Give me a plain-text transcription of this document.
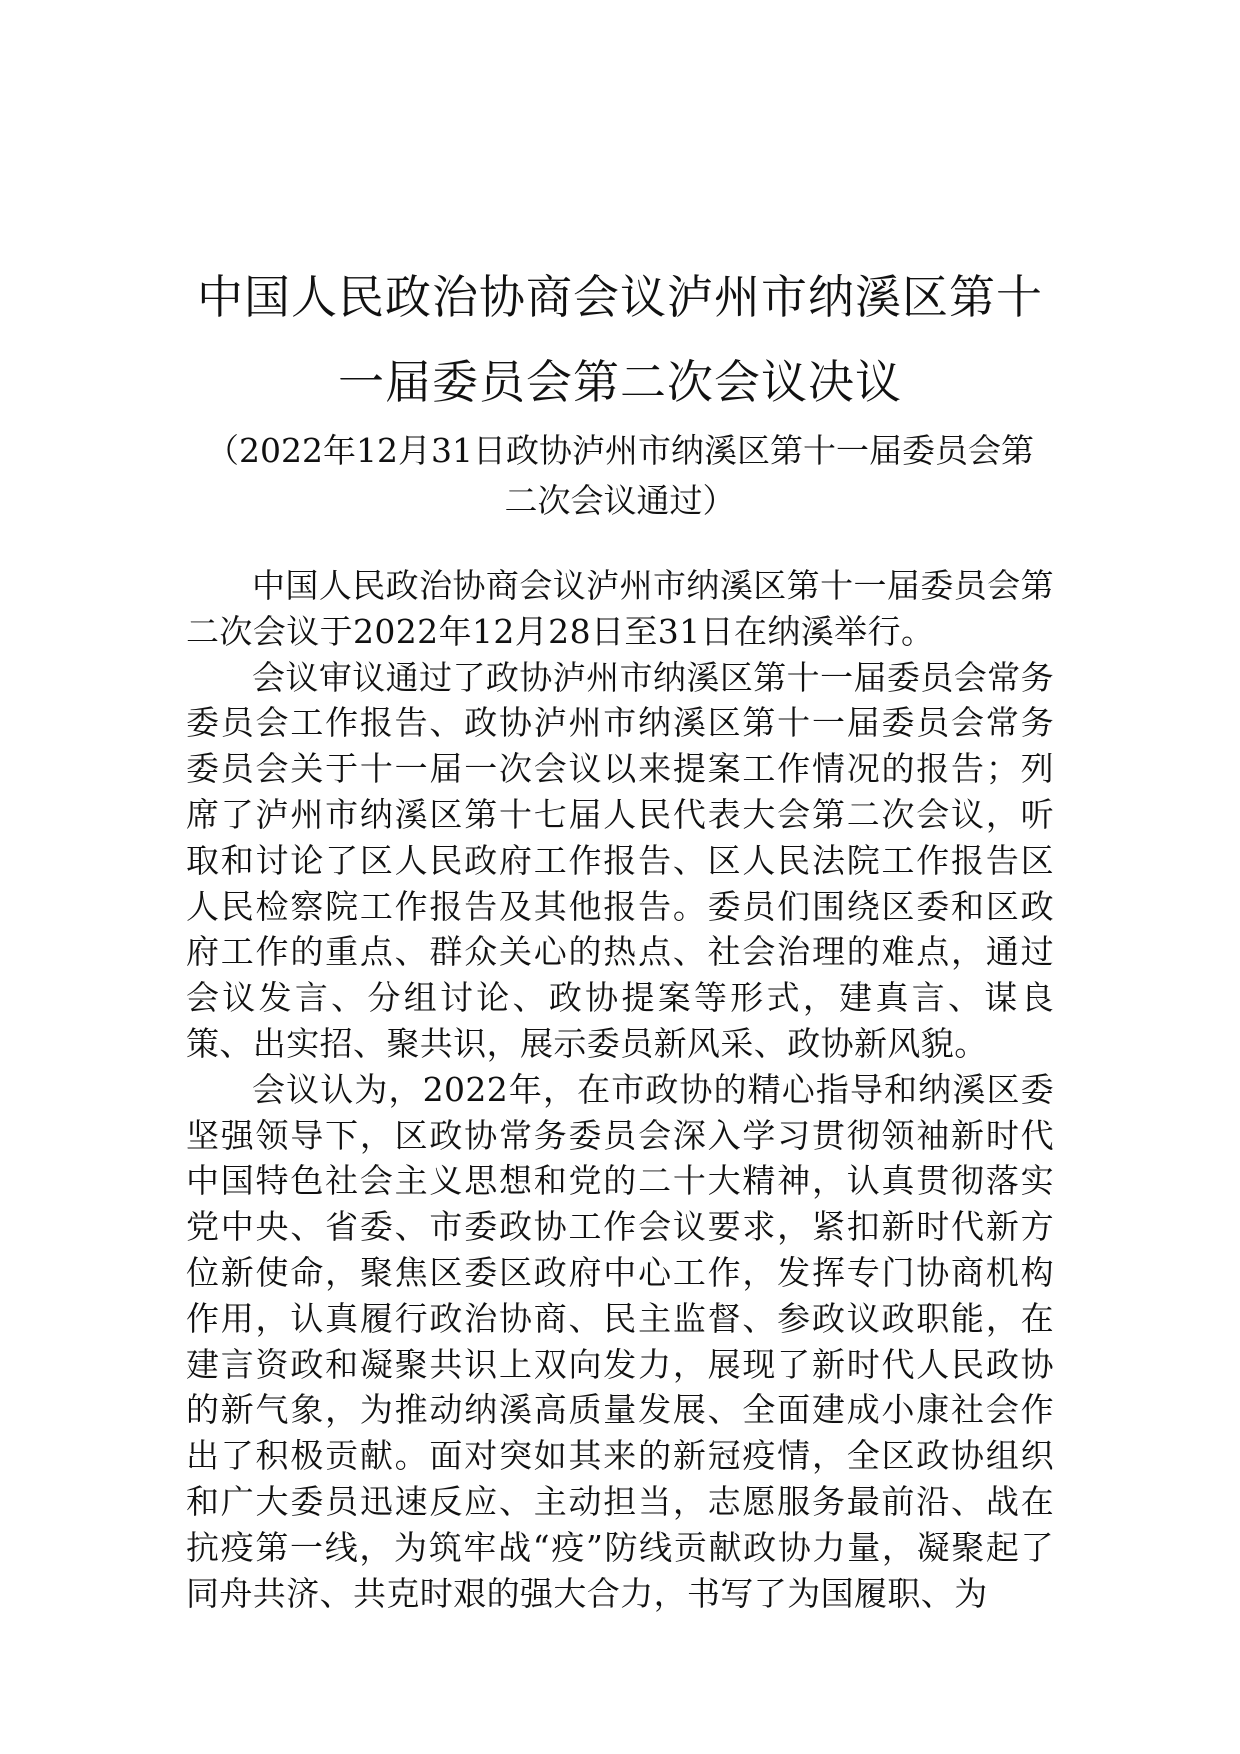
中国人民政治协商会议泸州市纳溪区第十一届委员会第二次会议决议

（2022年12月31日政协泸州市纳溪区第十一届委员会第二次会议通过）

中国人民政治协商会议泸州市纳溪区第十一届委员会第二次会议于2022年12月28日至31日在纳溪举行。

会议审议通过了政协泸州市纳溪区第十一届委员会常务委员会工作报告、政协泸州市纳溪区第十一届委员会常务委员会关于十一届一次会议以来提案工作情况的报告；列席了泸州市纳溪区第十七届人民代表大会第二次会议，听取和讨论了区人民政府工作报告、区人民法院工作报告区人民检察院工作报告及其他报告。委员们围绕区委和区政府工作的重点、群众关心的热点、社会治理的难点，通过会议发言、分组讨论、政协提案等形式，建真言、谋良策、出实招、聚共识，展示委员新风采、政协新风貌。

会议认为，2022年，在市政协的精心指导和纳溪区委坚强领导下，区政协常务委员会深入学习贯彻领袖新时代中国特色社会主义思想和党的二十大精神，认真贯彻落实党中央、省委、市委政协工作会议要求，紧扣新时代新方位新使命，聚焦区委区政府中心工作，发挥专门协商机构作用，认真履行政治协商、民主监督、参政议政职能，在建言资政和凝聚共识上双向发力，展现了新时代人民政协的新气象，为推动纳溪高质量发展、全面建成小康社会作出了积极贡献。面对突如其来的新冠疫情，全区政协组织和广大委员迅速反应、主动担当，志愿服务最前沿、战在抗疫第一线，为筑牢战“疫”防线贡献政协力量，凝聚起了同舟共济、共克时艰的强大合力，书写了为国履职、为
